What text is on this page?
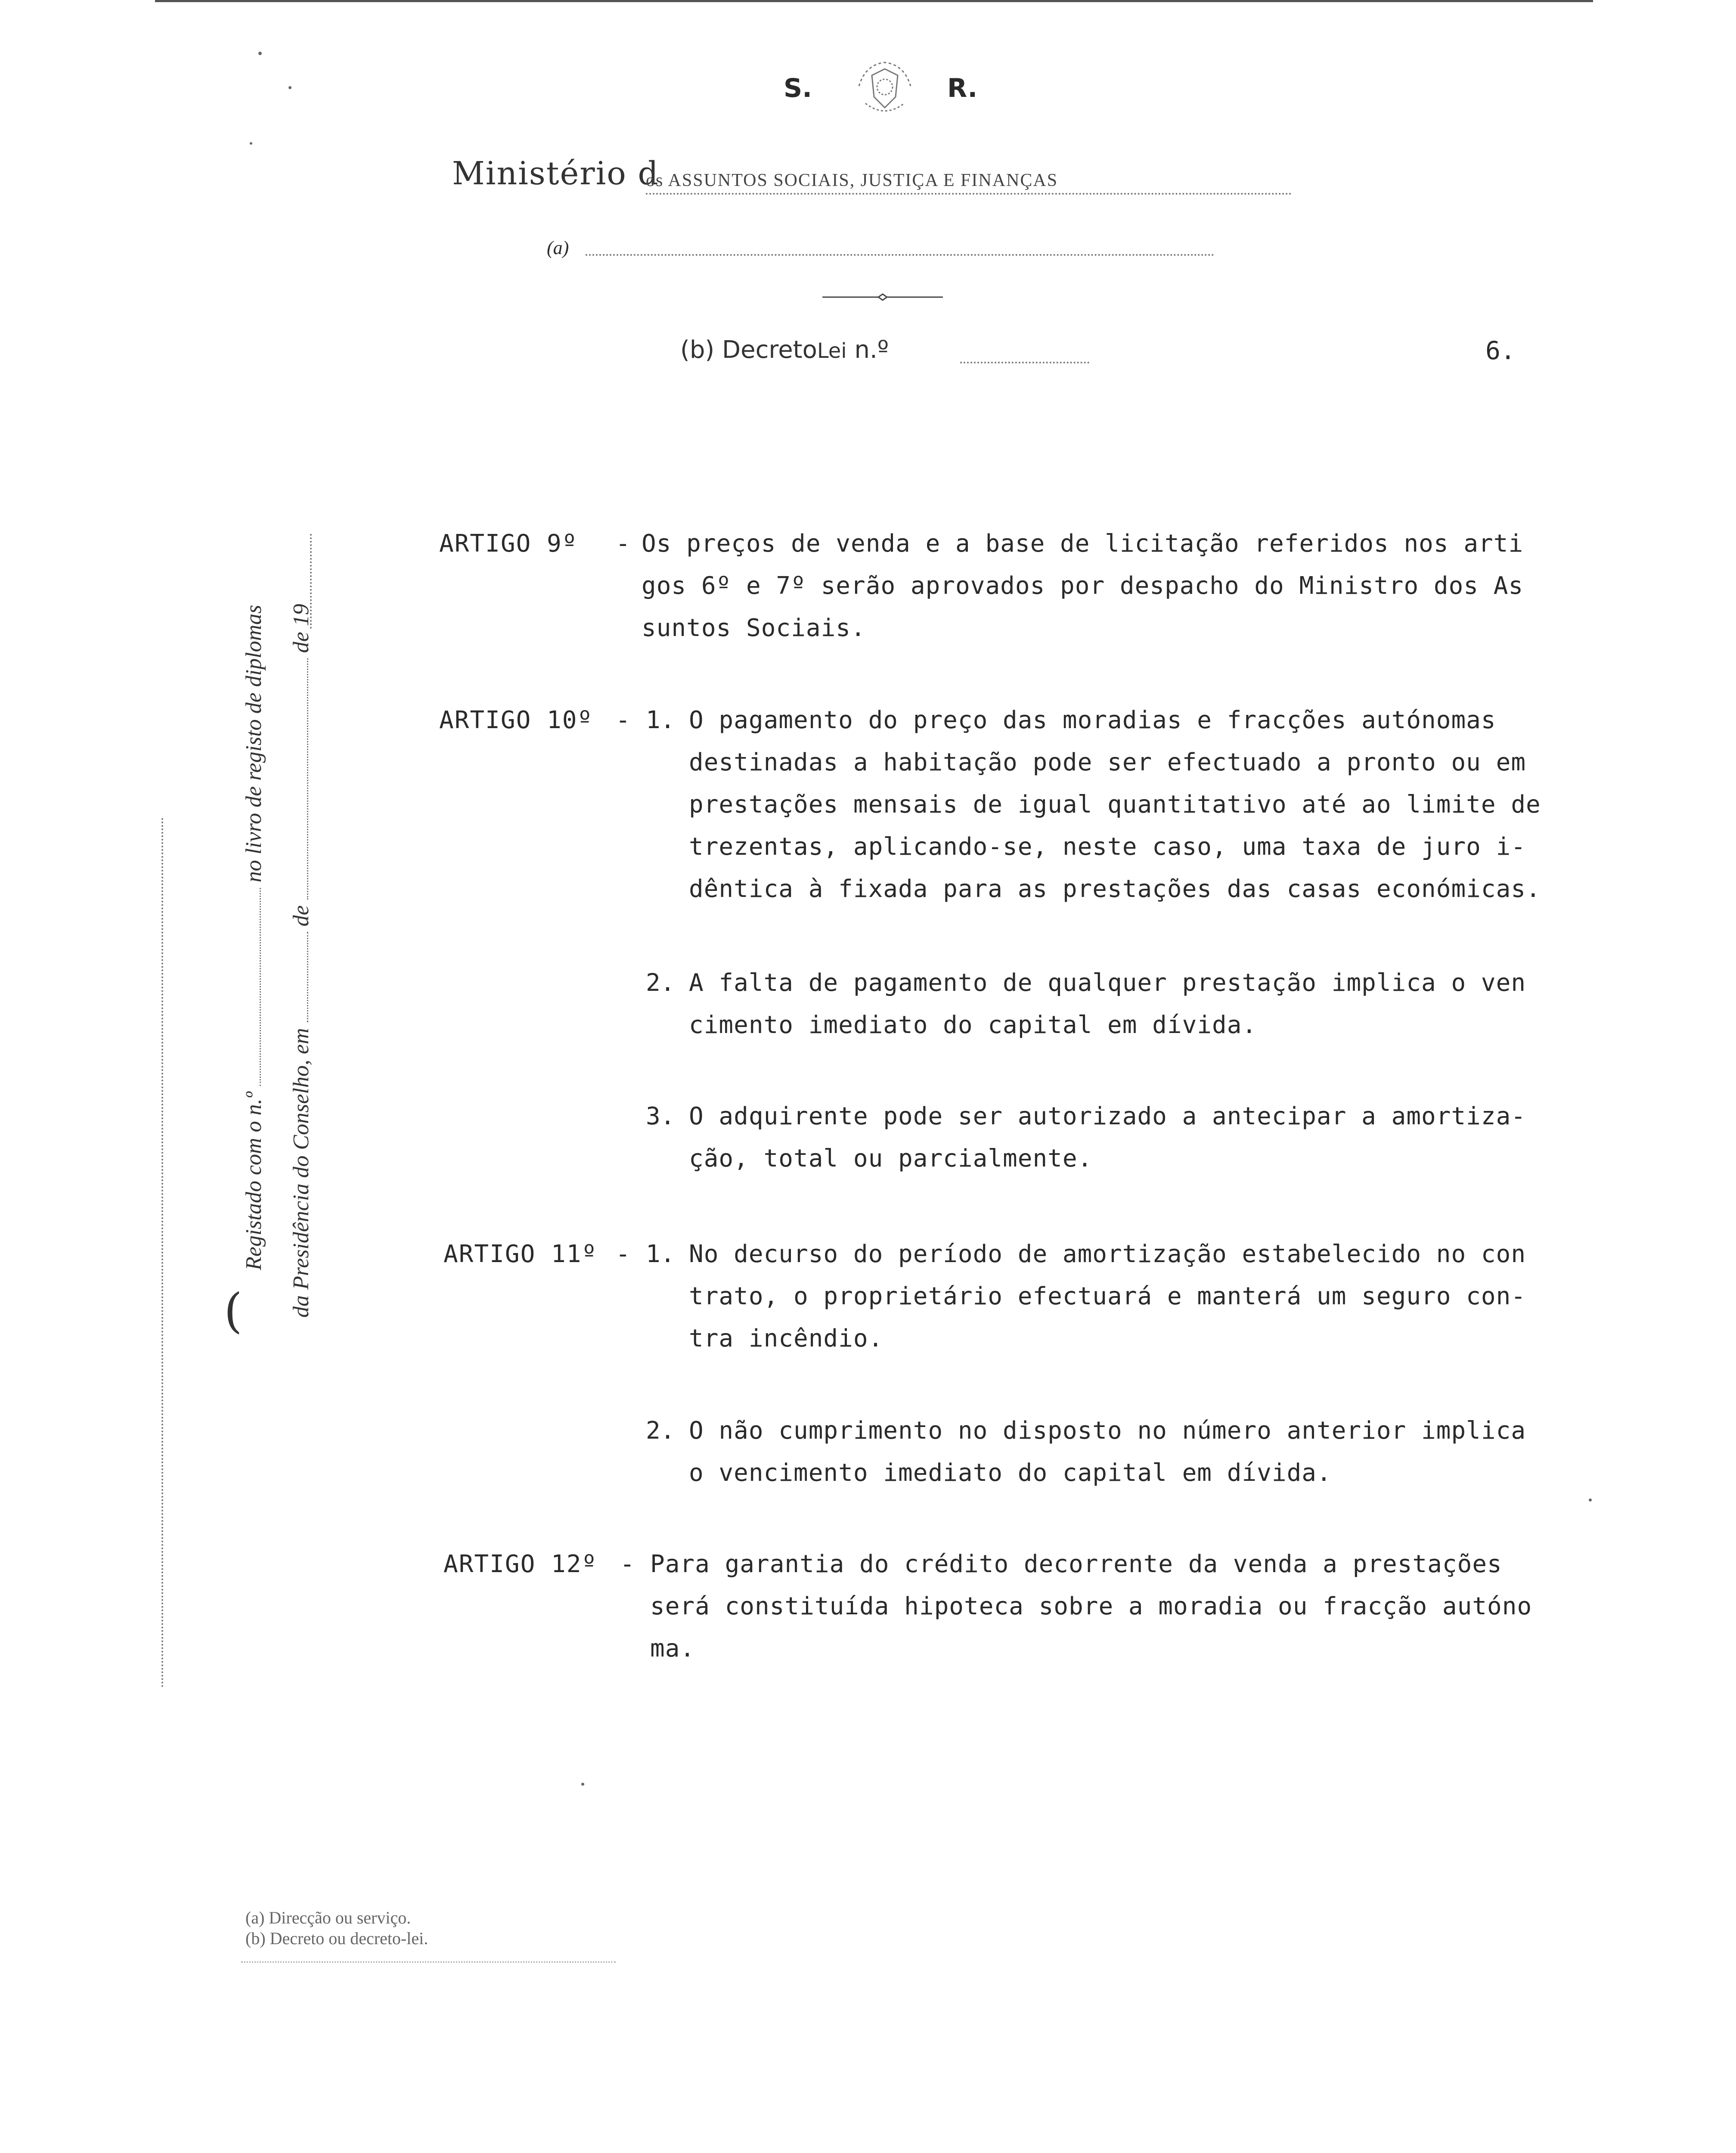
S.	R.
Ministério d
os ASSUNTOS SOCIAIS, JUSTIÇA E FINANÇAS
(a)
(b) DecretoLei n.º	6.
(
Registado com o n.º  no livro de registo de diplomas
da Presidência do Conselho, em  de  de 19
ARTIGO 9º - Os preços de venda e a base de licitação referidos nos arti
gos 6º e 7º serão aprovados por despacho do Ministro dos As
suntos Sociais.
ARTIGO 10º - 1. O pagamento do preço das moradias e fracções autónomas
destinadas a habitação pode ser efectuado a pronto ou em
prestações mensais de igual quantitativo até ao limite de
trezentas, aplicando-se, neste caso, uma taxa de juro i-
dêntica à fixada para as prestações das casas económicas.
2. A falta de pagamento de qualquer prestação implica o ven
cimento imediato do capital em dívida.
3. O adquirente pode ser autorizado a antecipar a amortiza-
ção, total ou parcialmente.
ARTIGO 11º - 1. No decurso do período de amortização estabelecido no con
trato, o proprietário efectuará e manterá um seguro con-
tra incêndio.
2. O não cumprimento no disposto no número anterior implica
o vencimento imediato do capital em dívida.
ARTIGO 12º - Para garantia do crédito decorrente da venda a prestações
será constituída hipoteca sobre a moradia ou fracção autóno
ma.
(a) Direcção ou serviço.
(b) Decreto ou decreto-lei.
